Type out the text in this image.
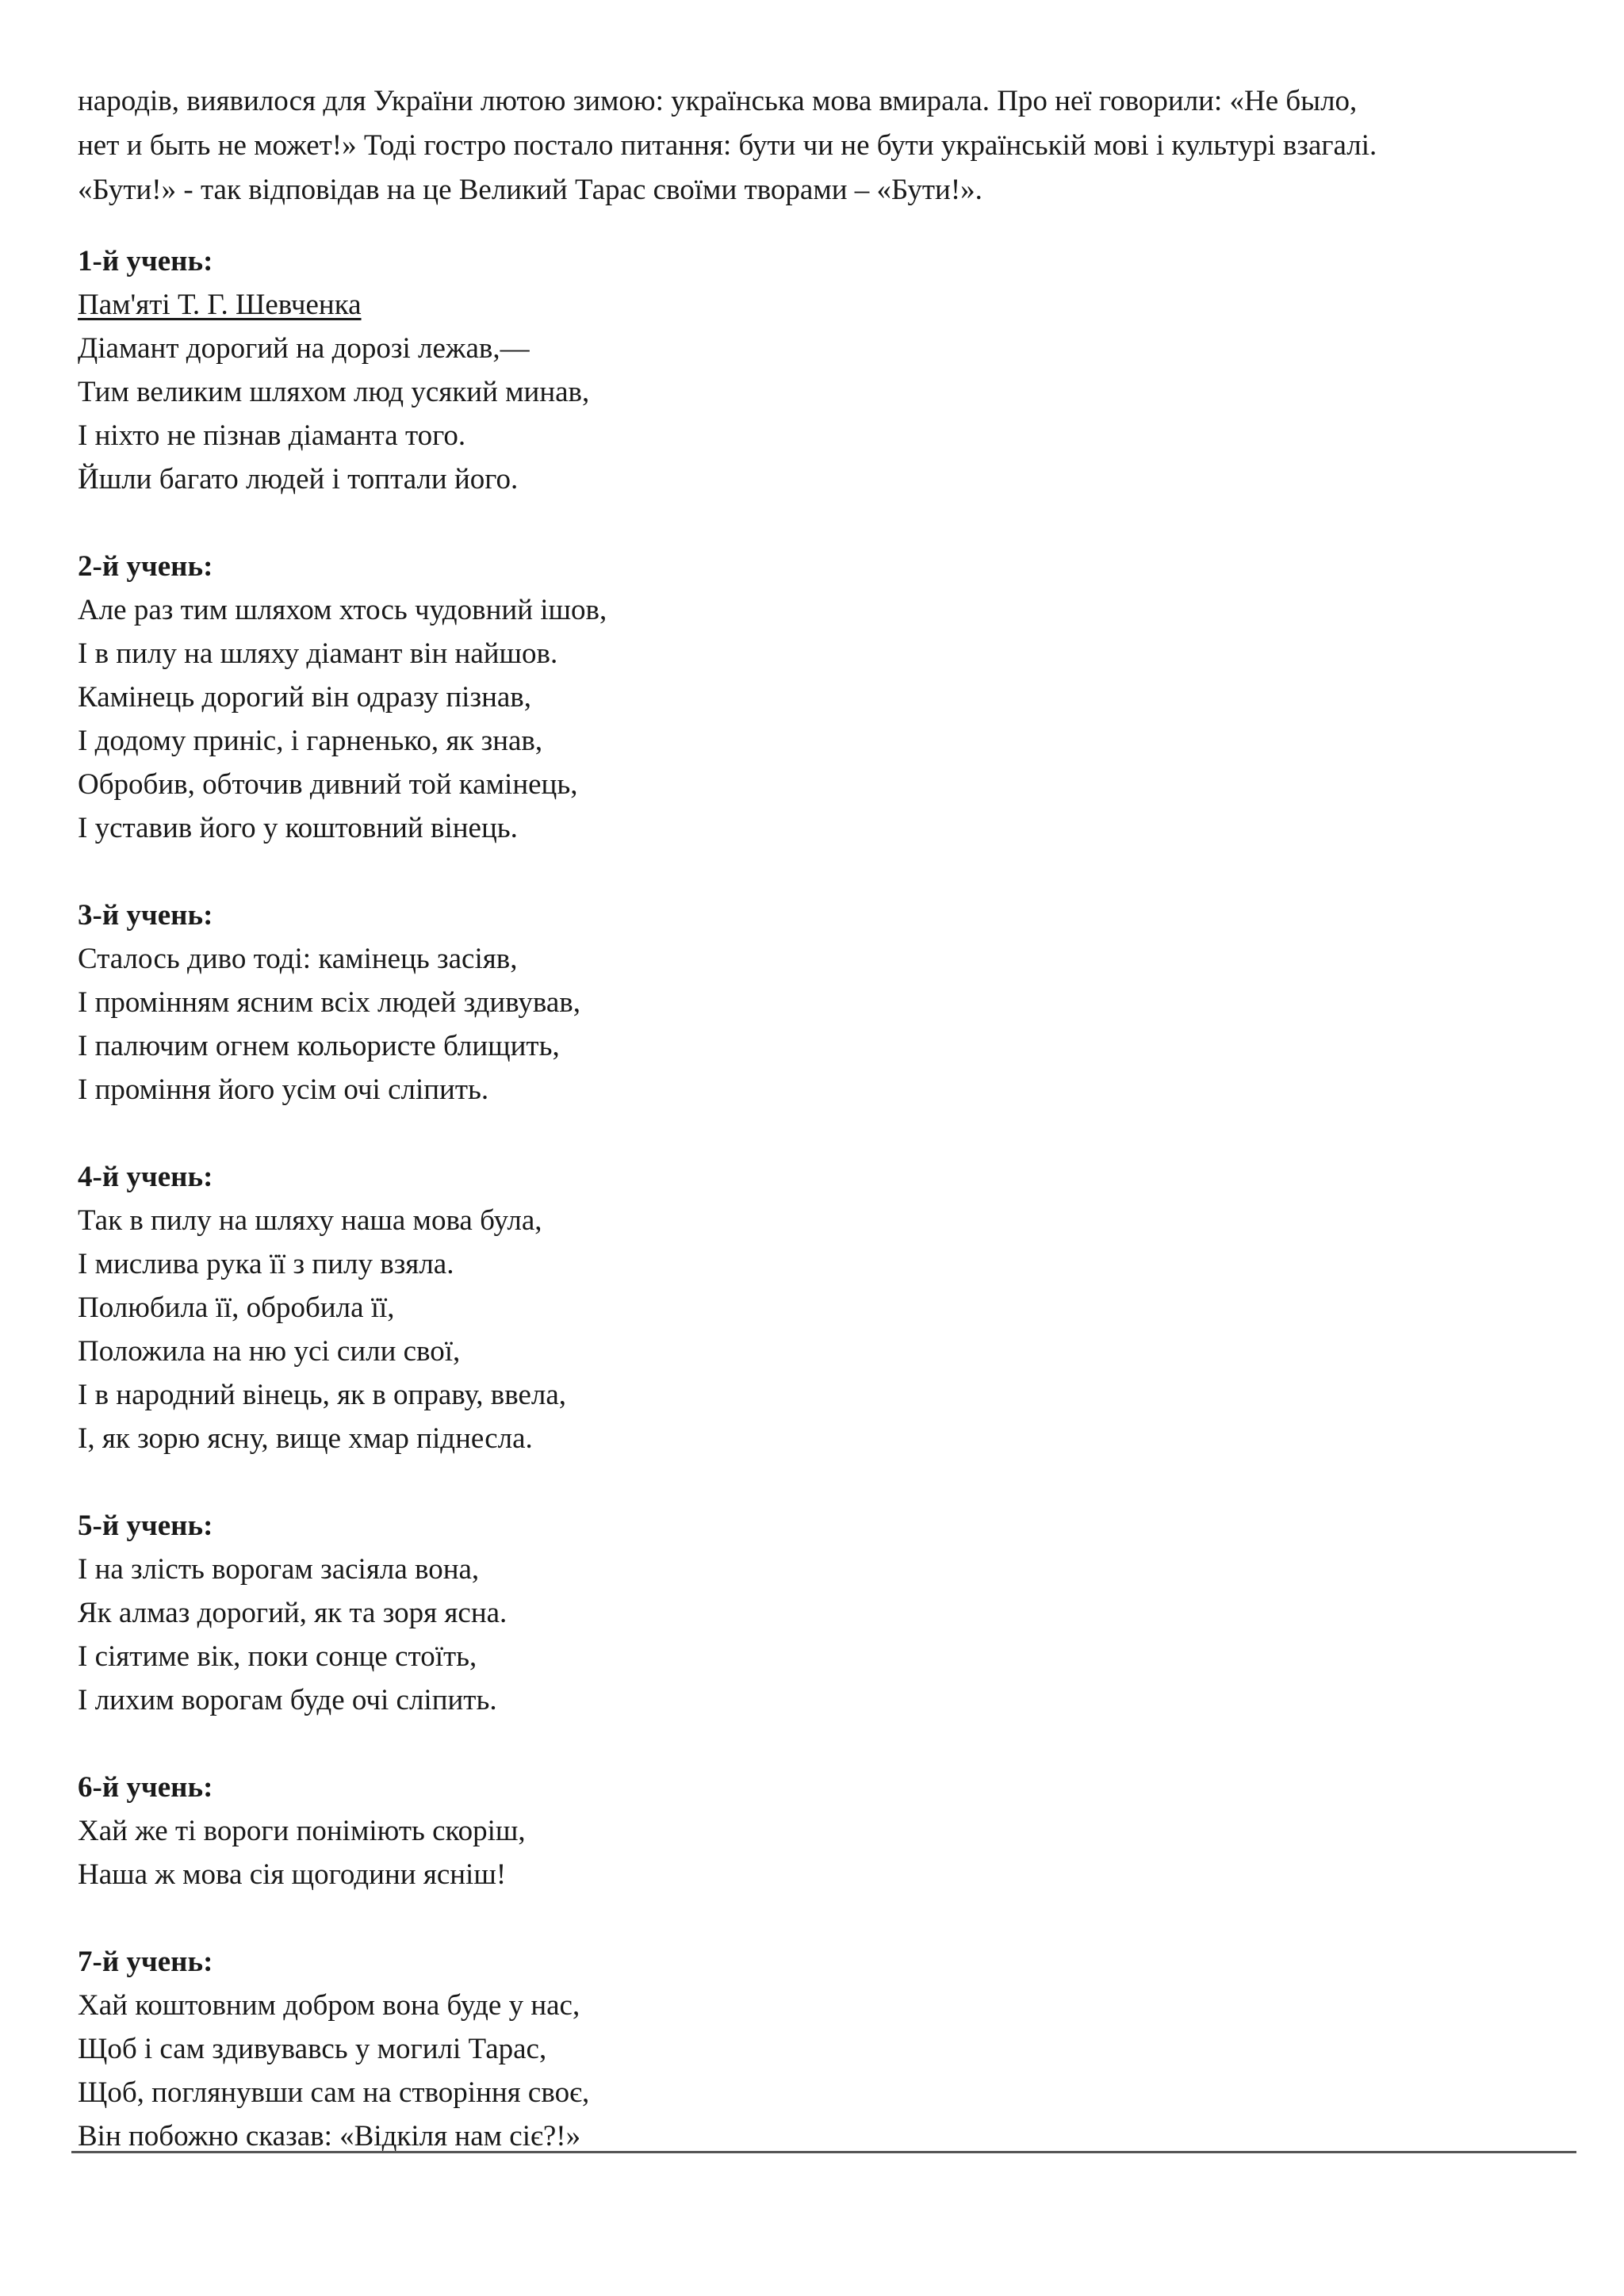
народів, виявилося для України лютою зимою: українська мова вмирала. Про неї говорили: «Не было,

нет и быть не может!» Тоді гостро постало питання: бути чи не бути українській мові і культурі взагалі.

«Бути!» - так відповідав на це Великий Тарас своїми творами – «Бути!».

1-й учень:

Пам'яті Т. Г. Шевченка

Діамант дорогий на дорозі лежав,—

Тим великим шляхом люд усякий минав,

І ніхто не пізнав діаманта того.

Йшли багато людей і топтали його.

2-й учень:

Але раз тим шляхом хтось чудовний ішов,

І в пилу на шляху діамант він найшов.

Камінець дорогий він одразу пізнав,

І додому приніс, і гарненько, як знав,

Обробив, обточив дивний той камінець,

І уставив його у коштовний вінець.

3-й учень:

Сталось диво тоді: камінець засіяв,

І промінням ясним всіх людей здивував,

І палючим огнем кольористе блищить,

І проміння його усім очі сліпить.

4-й учень:

Так в пилу на шляху наша мова була,

І мислива рука її з пилу взяла.

Полюбила її, обробила її,

Положила на ню усі сили свої,

І в народний вінець, як в оправу, ввела,

І, як зорю ясну, вище хмар піднесла.

5-й учень:

І на злість ворогам засіяла вона,

Як алмаз дорогий, як та зоря ясна.

І сіятиме вік, поки сонце стоїть,

І лихим ворогам буде очі сліпить.

6-й учень:

Хай же ті вороги поніміють скоріш,

Наша ж мова сія щогодини ясніш!

7-й учень:

Хай коштовним добром вона буде у нас,

Щоб і сам здивувавсь у могилі Тарас,

Щоб, поглянувши сам на створіння своє,

Він побожно сказав: «Відкіля нам сіє?!»
